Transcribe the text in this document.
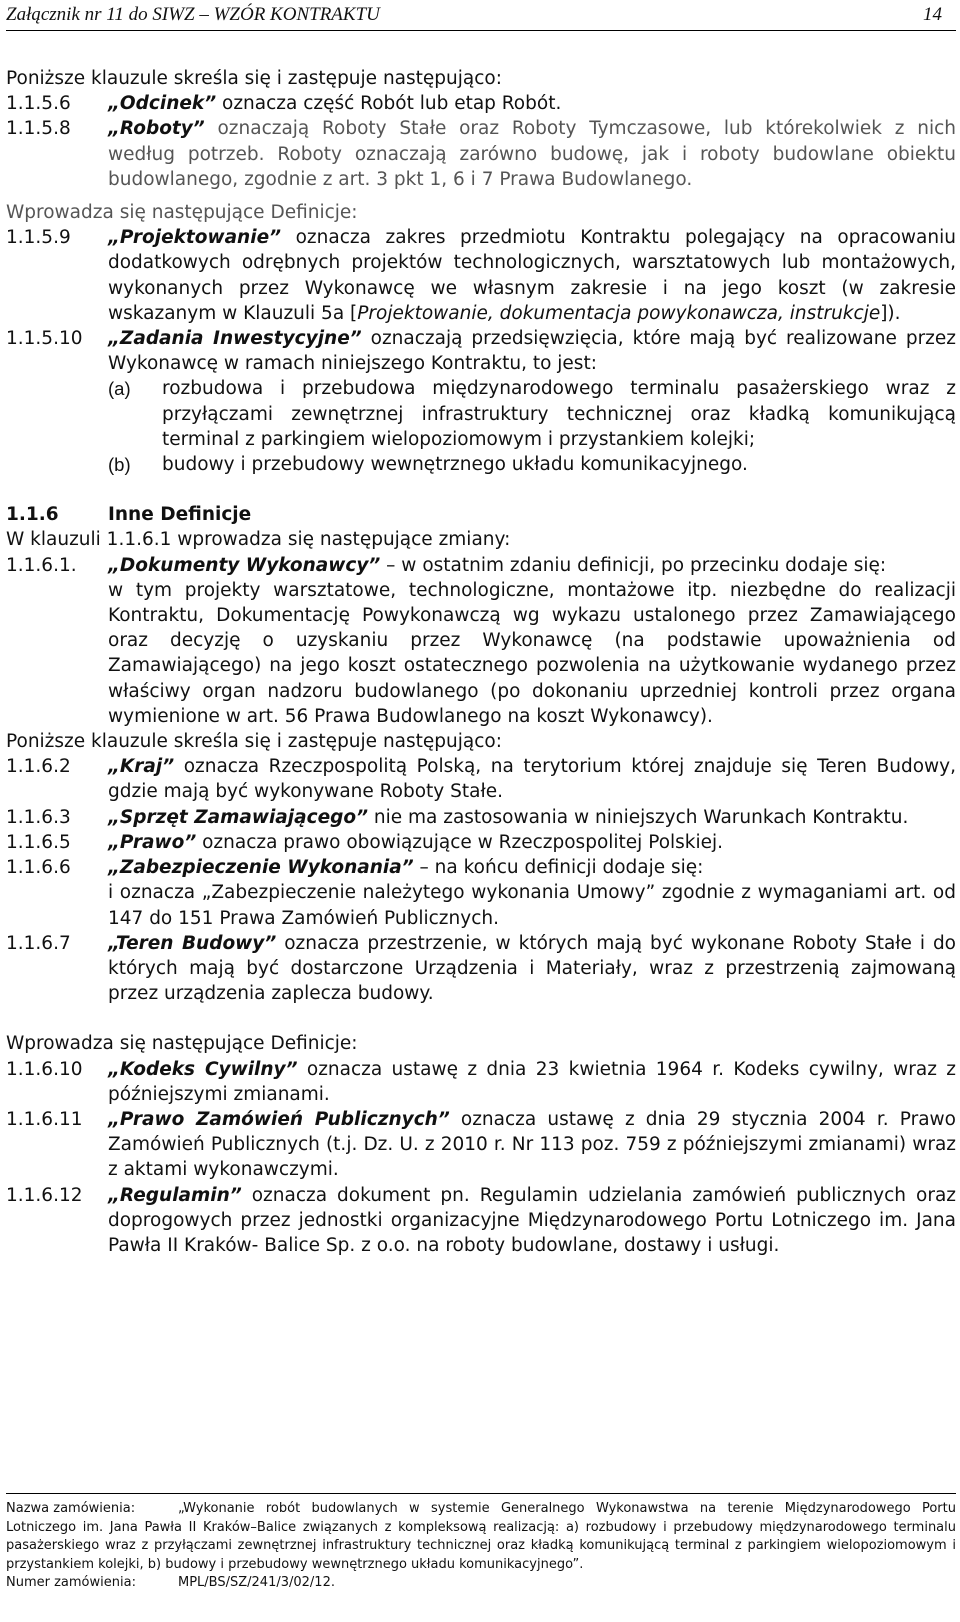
Załącznik nr 11 do SIWZ – WZÓR KONTRAKTU	14

Poniższe klauzule skreśla się i zastępuje następująco:

1.1.5.6	„Odcinek” oznacza część Robót lub etap Robót.
1.1.5.8	„Roboty” oznaczają Roboty Stałe oraz Roboty Tymczasowe, lub którekolwiek z nich według potrzeb. Roboty oznaczają zarówno budowę, jak i roboty budowlane obiektu budowlanego, zgodnie z art. 3 pkt 1, 6 i 7 Prawa Budowlanego.

Wprowadza się następujące Definicje:

1.1.5.9	„Projektowanie” oznacza zakres przedmiotu Kontraktu polegający na opracowaniu dodatkowych odrębnych projektów technologicznych, warsztatowych lub montażowych, wykonanych przez Wykonawcę we własnym zakresie i na jego koszt (w zakresie wskazanym w Klauzuli 5a [Projektowanie, dokumentacja powykonawcza, instrukcje]).
1.1.5.10	„Zadania Inwestycyjne” oznaczają przedsięwzięcia, które mają być realizowane przez Wykonawcę w ramach niniejszego Kontraktu, to jest:
(a)	rozbudowa i przebudowa międzynarodowego terminalu pasażerskiego wraz z przyłączami zewnętrznej infrastruktury technicznej oraz kładką komunikującą terminal z parkingiem wielopoziomowym i przystankiem kolejki;
(b)	budowy i przebudowy wewnętrznego układu komunikacyjnego.
1.1.6	Inne Definicje

W klauzuli 1.1.6.1 wprowadza się następujące zmiany:

1.1.6.1.	„Dokumenty Wykonawcy” – w ostatnim zdaniu definicji, po przecinku dodaje się:
w tym projekty warsztatowe, technologiczne, montażowe itp. niezbędne do realizacji Kontraktu, Dokumentację Powykonawczą wg wykazu ustalonego przez Zamawiającego oraz decyzję o uzyskaniu przez Wykonawcę (na podstawie upoważnienia od Zamawiającego) na jego koszt ostatecznego pozwolenia na użytkowanie wydanego przez właściwy organ nadzoru budowlanego (po dokonaniu uprzedniej kontroli przez organa wymienione w art. 56 Prawa Budowlanego na koszt Wykonawcy).

Poniższe klauzule skreśla się i zastępuje następująco:

1.1.6.2	„Kraj” oznacza Rzeczpospolitą Polską, na terytorium której znajduje się Teren Budowy, gdzie mają być wykonywane Roboty Stałe.
1.1.6.3	„Sprzęt Zamawiającego” nie ma zastosowania w niniejszych Warunkach Kontraktu.
1.1.6.5	„Prawo” oznacza prawo obowiązujące w Rzeczpospolitej Polskiej.
1.1.6.6	„Zabezpieczenie Wykonania” – na końcu definicji dodaje się:
i oznacza „Zabezpieczenie należytego wykonania Umowy” zgodnie z wymaganiami art. od 147 do 151 Prawa Zamówień Publicznych.
1.1.6.7	„Teren Budowy” oznacza przestrzenie, w których mają być wykonane Roboty Stałe i do których mają być dostarczone Urządzenia i Materiały, wraz z przestrzenią zajmowaną przez urządzenia zaplecza budowy.

Wprowadza się następujące Definicje:

1.1.6.10	„Kodeks Cywilny” oznacza ustawę z dnia 23 kwietnia 1964 r. Kodeks cywilny, wraz z późniejszymi zmianami.
1.1.6.11	„Prawo Zamówień Publicznych” oznacza ustawę z dnia 29 stycznia 2004 r. Prawo Zamówień Publicznych (t.j. Dz. U. z 2010 r. Nr 113 poz. 759 z późniejszymi zmianami) wraz z aktami wykonawczymi.
1.1.6.12	„Regulamin” oznacza dokument pn. Regulamin udzielania zamówień publicznych oraz doprogowych przez jednostki organizacyjne Międzynarodowego Portu Lotniczego im. Jana Pawła II Kraków- Balice Sp. z o.o. na roboty budowlane, dostawy i usługi.
Nazwa zamówienia:	„Wykonanie robót budowlanych w systemie Generalnego Wykonawstwa na terenie Międzynarodowego Portu Lotniczego im. Jana Pawła II Kraków–Balice związanych z kompleksową realizacją: a) rozbudowy i przebudowy międzynarodowego terminalu pasażerskiego wraz z przyłączami zewnętrznej infrastruktury technicznej oraz kładką komunikującą terminal z parkingiem wielopoziomowym i przystankiem kolejki, b) budowy i przebudowy wewnętrznego układu komunikacyjnego”.
Numer zamówienia:	MPL/BS/SZ/241/3/02/12.
